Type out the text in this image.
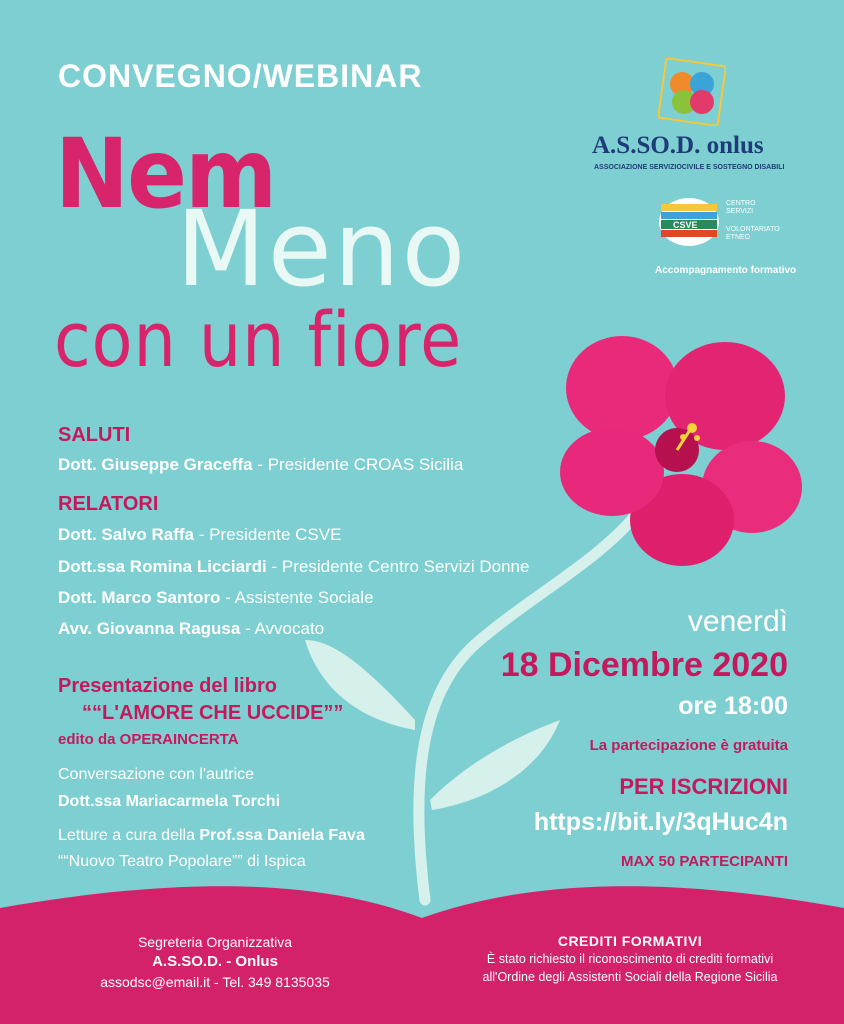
CONVEGNO/WEBINAR
Nem
Meno
con un fiore
A.S.SO.D. onlus
ASSOCIAZIONE SERVIZIOCIVILE E SOSTEGNO DISABILI
CSVE
CENTRO
SERVIZI
VOLONTARIATO
ETNEO
Accompagnamento formativo
SALUTI
Dott. Giuseppe Graceffa - Presidente CROAS Sicilia
RELATORI
Dott. Salvo Raffa - Presidente CSVE
Dott.ssa Romina Licciardi - Presidente Centro Servizi Donne
Dott. Marco Santoro - Assistente Sociale
Avv. Giovanna Ragusa - Avvocato
Presentazione del libro
““L'AMORE CHE UCCIDE””
edito da OPERAINCERTA
Conversazione con l'autrice
Dott.ssa Mariacarmela Torchi
Letture a cura della Prof.ssa Daniela Fava
““Nuovo Teatro Popolare”” di Ispica
venerdì
18 Dicembre 2020
ore 18:00
La partecipazione è gratuita
PER ISCRIZIONI
https://bit.ly/3qHuc4n
MAX 50 PARTECIPANTI
Segreteria Organizzativa
A.S.SO.D. - Onlus
assodsc@email.it - Tel. 349 8135035
CREDITI FORMATIVI
È stato richiesto il riconoscimento di crediti formativi
all'Ordine degli Assistenti Sociali della Regione Sicilia
